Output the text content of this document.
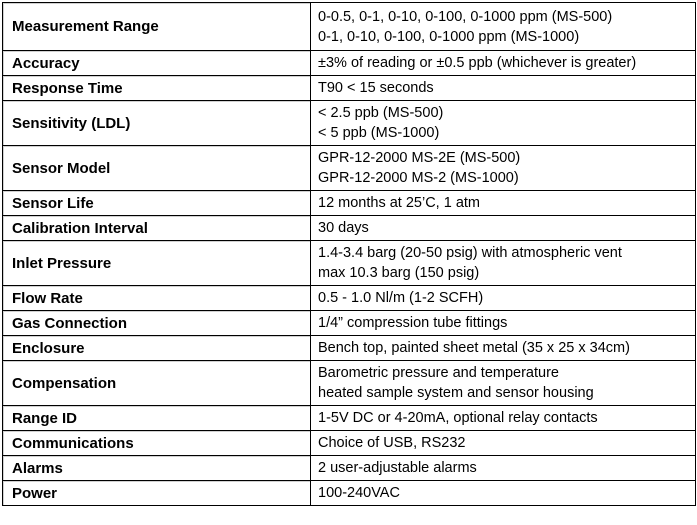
Measurement Range	0-0.5, 0-1, 0-10, 0-100, 0-1000 ppm (MS-500)
0-1, 0-10, 0-100, 0-1000 ppm (MS-1000)

Accuracy	±3% of reading or ±0.5 ppb (whichever is greater)

Response Time	T90 < 15 seconds

Sensitivity (LDL)	< 2.5 ppb (MS-500)
< 5 ppb (MS-1000)

Sensor Model	GPR-12-2000 MS-2E (MS-500)
GPR-12-2000 MS-2 (MS-1000)

Sensor Life	12 months at 25’C, 1 atm

Calibration Interval	30 days

Inlet Pressure	1.4-3.4 barg (20-50 psig) with atmospheric vent
max 10.3 barg (150 psig)

Flow Rate	0.5 - 1.0 Nl/m (1-2 SCFH)

Gas Connection	1/4” compression tube fittings

Enclosure	Bench top, painted sheet metal (35 x 25 x 34cm)

Compensation	Barometric pressure and temperature
heated sample system and sensor housing

Range ID	1-5V DC or 4-20mA, optional relay contacts

Communications	Choice of USB, RS232

Alarms	2 user-adjustable alarms

Power	100-240VAC
